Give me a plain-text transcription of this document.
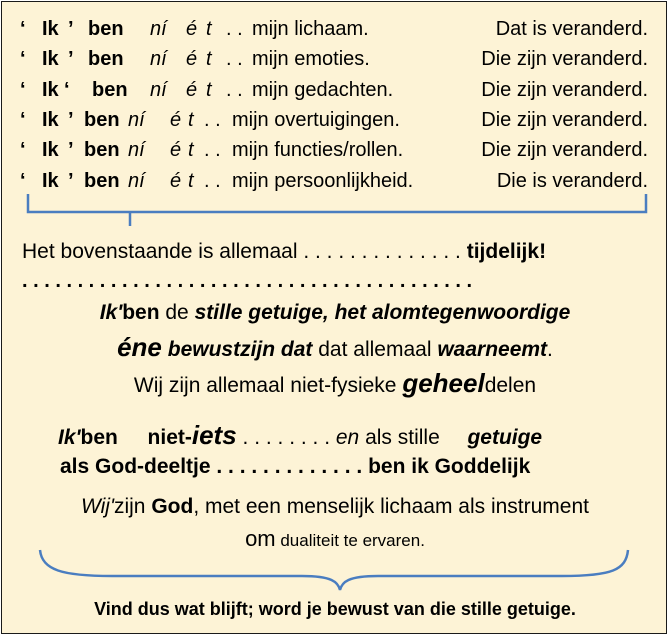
‘ Ik ’ ben ní é t . . mijn lichaam.	Dat is veranderd.
‘ Ik ’ ben ní é t . . mijn emoties.	Die zijn veranderd.
‘ Ik ‘ ben ní é t . . mijn gedachten.	Die zijn veranderd.
‘ Ik ’ ben ní é t . . mijn overtuigingen.	Die zijn veranderd.
‘ Ik ’ ben ní é t . . mijn functies/rollen.	Die zijn veranderd.
‘ Ik ’ ben ní é t . . mijn persoonlijkheid.	Die is veranderd.
Het bovenstaande is allemaal . . . . . . . . . . . . . . tijdelijk!
. . . . . . . . . . . . . . . . . . . . . . . . . . . . . . . . . . . . . . . . .
Ik'ben de stille getuige, het alomtegenwoordige
éne bewustzijn dat dat allemaal waarneemt.
Wij zijn allemaal niet-fysieke geheeldelen
Ik'ben niet-iets . . . . . . . . en als stille  getuige
als God-deeltje . . . . . . . . . . . . . ben ik Goddelijk
Wij'zijn God, met een menselijk lichaam als instrument
om dualiteit te ervaren.
Vind dus wat blijft; word je bewust van die stille getuige.
